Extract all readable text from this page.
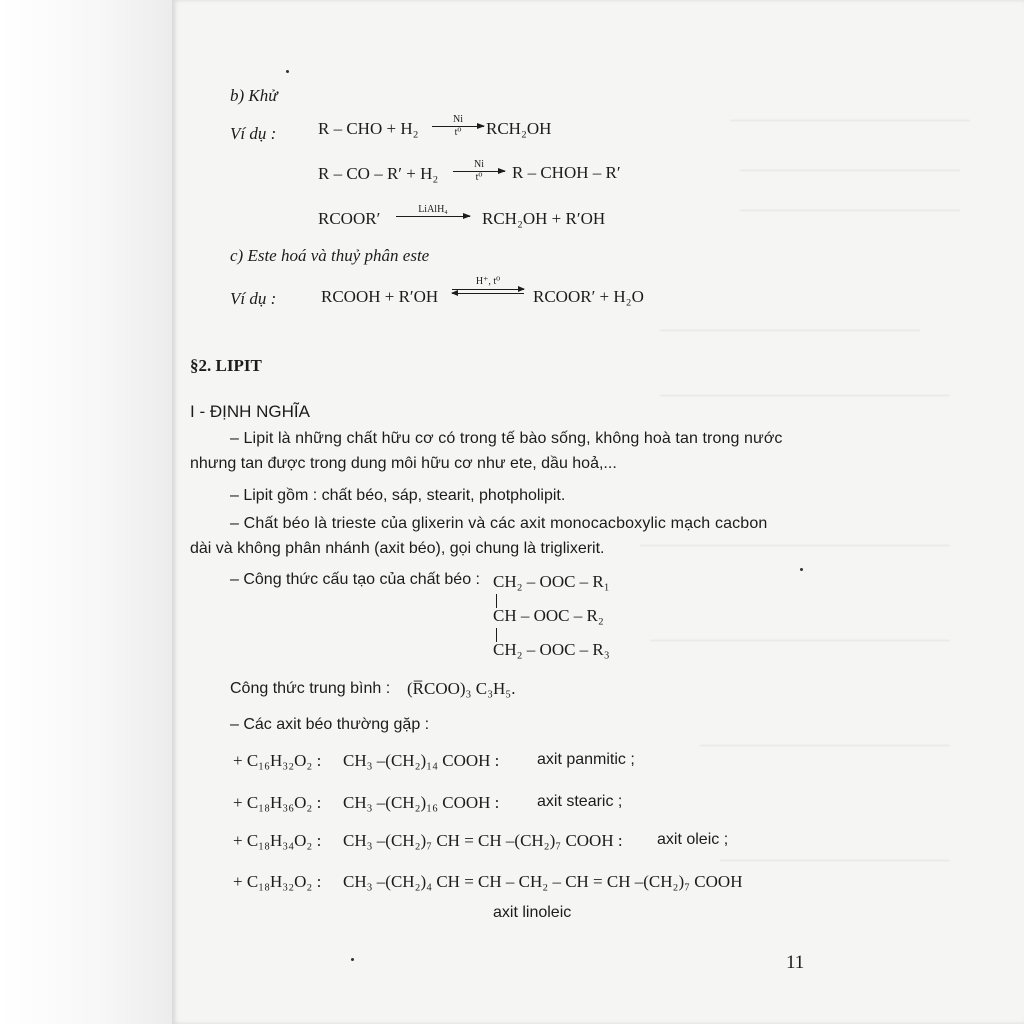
b) Khử
Ví dụ : R – CHO + H₂	Ni
t⁰	RCH₂OH
R – CO – R′ + H₂	Ni
t⁰	R – CHOH – R′
RCOOR′	LiAlH₄	RCH₂OH + R′OH
c) Este hoá và thuỷ phân este
Ví dụ :	RCOOH + R′OH
H⁺, t⁰
RCOOR′ + H₂O
§2. LIPIT
I - ĐỊNH NGHĨA
– Lipit là những chất hữu cơ có trong tế bào sống, không hoà tan trong nước
nhưng tan được trong dung môi hữu cơ như ete, dầu hoả,...
– Lipit gồm : chất béo, sáp, stearit, photpholipit.
– Chất béo là trieste của glixerin và các axit monocacboxylic mạch cacbon
dài và không phân nhánh (axit béo), gọi chung là triglixerit.
– Công thức cấu tạo của chất béo : CH₂ – OOC – R₁
CH – OOC – R₂
CH₂ – OOC – R₃
Công thức trung bình : (R̅COO)₃ C₃H₅.
– Các axit béo thường gặp :
+ C₁₆H₃₂O₂ : CH₃ –(CH₂)₁₄ COOH : axit panmitic ;
+ C₁₈H₃₆O₂ : CH₃ –(CH₂)₁₆ COOH : axit stearic ;
+ C₁₈H₃₄O₂ : CH₃ –(CH₂)₇ CH = CH –(CH₂)₇ COOH : axit oleic ;
+ C₁₈H₃₂O₂ : CH₃ –(CH₂)₄ CH = CH – CH₂ – CH = CH –(CH₂)₇ COOH
axit linoleic
11
